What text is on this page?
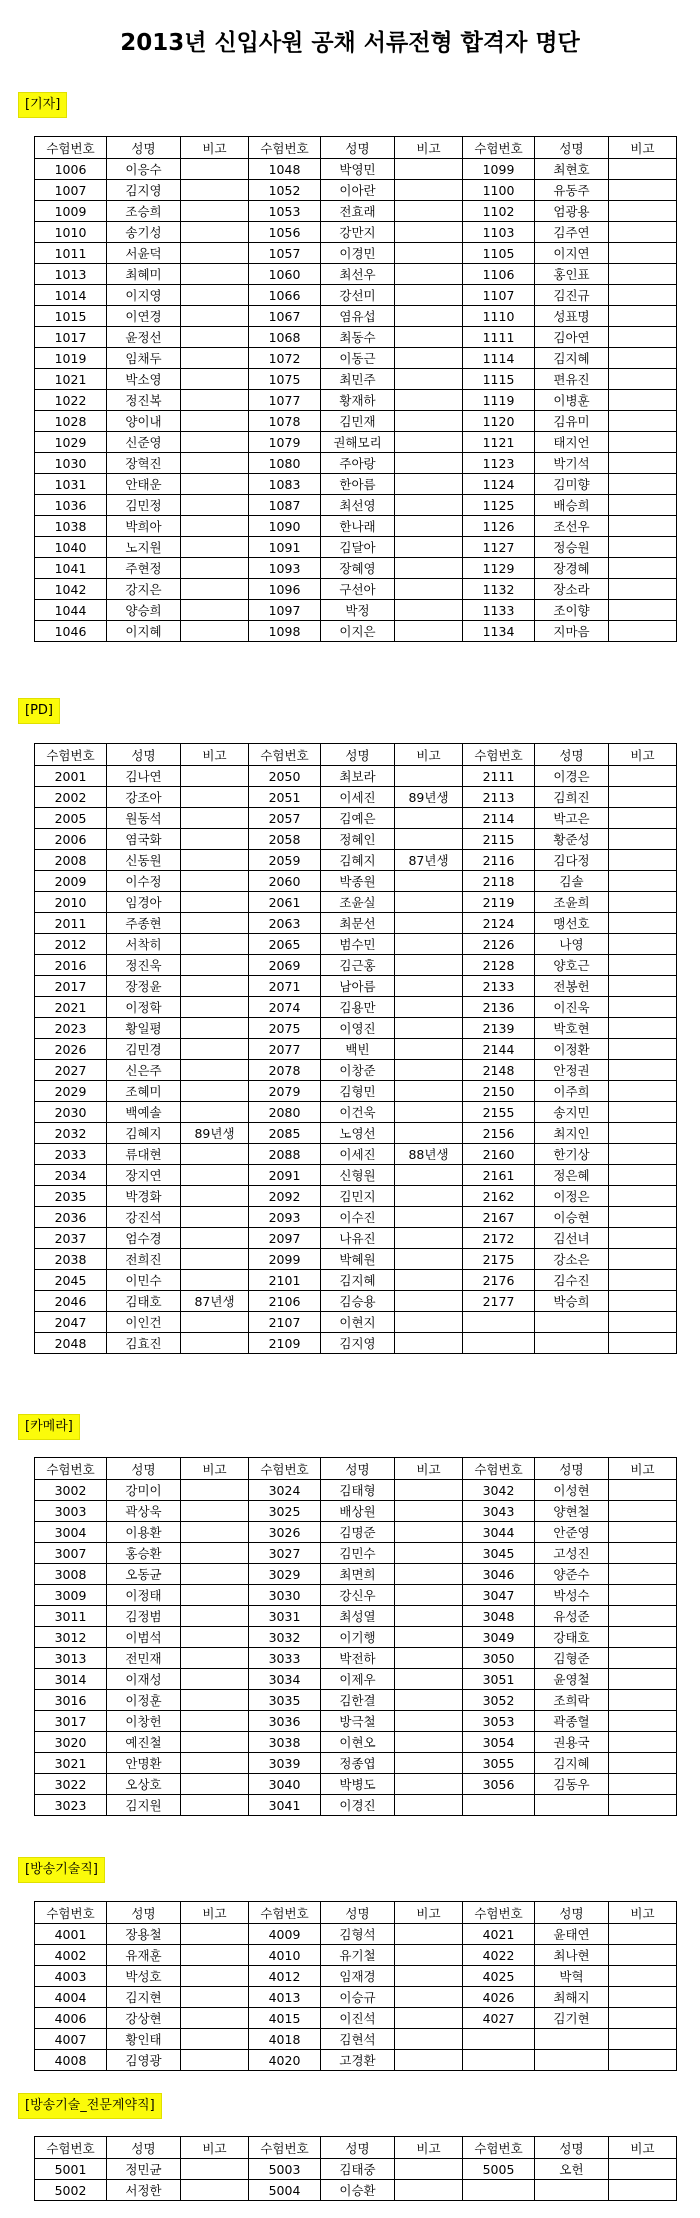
2013년 신입사원 공채 서류전형 합격자 명단
[기자]
수험번호	성명	비고	수험번호	성명	비고	수험번호	성명	비고
1006	이응수		1048	박영민		1099	최현호	
1007	김지영		1052	이아란		1100	유동주	
1009	조승희		1053	전효래		1102	엄광용	
1010	송기성		1056	강만지		1103	김주연	
1011	서윤덕		1057	이경민		1105	이지연	
1013	최혜미		1060	최선우		1106	홍인표	
1014	이지영		1066	강선미		1107	김진규	
1015	이연경		1067	염유섭		1110	성표명	
1017	윤정선		1068	최동수		1111	김아연	
1019	임채두		1072	이동근		1114	김지혜	
1021	박소영		1075	최민주		1115	편유진	
1022	정진복		1077	황재하		1119	이병훈	
1028	양이내		1078	김민재		1120	김유미	
1029	신준영		1079	권해모리		1121	태지언	
1030	장혁진		1080	주아랑		1123	박기석	
1031	안태운		1083	한아름		1124	김미향	
1036	김민정		1087	최선영		1125	배승희	
1038	박희아		1090	한나래		1126	조선우	
1040	노지원		1091	김달아		1127	정승원	
1041	주현정		1093	장혜영		1129	장경혜	
1042	강지은		1096	구선아		1132	장소라	
1044	양승희		1097	박정		1133	조이향	
1046	이지혜		1098	이지은		1134	지마음	
[PD]
수험번호	성명	비고	수험번호	성명	비고	수험번호	성명	비고
2001	김나연		2050	최보라		2111	이경은	
2002	강조아		2051	이세진	89년생	2113	김희진	
2005	원동석		2057	김예은		2114	박고은	
2006	염국화		2058	정혜인		2115	황준성	
2008	신동원		2059	김혜지	87년생	2116	김다정	
2009	이수정		2060	박종원		2118	김솔	
2010	임경아		2061	조윤실		2119	조윤희	
2011	주종현		2063	최문선		2124	맹선호	
2012	서착히		2065	범수민		2126	나영	
2016	정진욱		2069	김근홍		2128	양호근	
2017	장정윤		2071	남아름		2133	전봉헌	
2021	이정학		2074	김용만		2136	이진욱	
2023	황일평		2075	이영진		2139	박호현	
2026	김민경		2077	백빈		2144	이정환	
2027	신은주		2078	이창준		2148	안정권	
2029	조혜미		2079	김형민		2150	이주희	
2030	백예솔		2080	이건욱		2155	송지민	
2032	김혜지	89년생	2085	노영선		2156	최지인	
2033	류대현		2088	이세진	88년생	2160	한기상	
2034	장지연		2091	신형원		2161	정은혜	
2035	박경화		2092	김민지		2162	이정은	
2036	강진석		2093	이수진		2167	이승현	
2037	엄수경		2097	나유진		2172	김선녀	
2038	전희진		2099	박혜원		2175	강소은	
2045	이민수		2101	김지혜		2176	김수진	
2046	김태호	87년생	2106	김승용		2177	박승희	
2047	이인건		2107	이현지				
2048	김효진		2109	김지영				
[카메라]
수험번호	성명	비고	수험번호	성명	비고	수험번호	성명	비고
3002	강미이		3024	김태형		3042	이성현	
3003	곽상욱		3025	배상원		3043	양현철	
3004	이용환		3026	김명준		3044	안준영	
3007	홍승환		3027	김민수		3045	고성진	
3008	오동균		3029	최면희		3046	양준수	
3009	이정태		3030	강신우		3047	박성수	
3011	김정범		3031	최성열		3048	유성준	
3012	이범석		3032	이기행		3049	강태호	
3013	전민재		3033	박전하		3050	김형준	
3014	이재성		3034	이제우		3051	윤영철	
3016	이정훈		3035	김한결		3052	조희락	
3017	이창헌		3036	방극철		3053	곽종혈	
3020	예진철		3038	이현오		3054	권용국	
3021	안명환		3039	정종엽		3055	김지혜	
3022	오상호		3040	박병도		3056	김동우	
3023	김지원		3041	이경진				
[방송기술직]
수험번호	성명	비고	수험번호	성명	비고	수험번호	성명	비고
4001	장용철		4009	김형석		4021	윤태연	
4002	유재훈		4010	유기철		4022	최나현	
4003	박성호		4012	임재경		4025	박혁	
4004	김지현		4013	이승규		4026	최해지	
4006	강상현		4015	이진석		4027	김기현	
4007	황인태		4018	김현석				
4008	김영광		4020	고경환				
[방송기술_전문계약직]
수험번호	성명	비고	수험번호	성명	비고	수험번호	성명	비고
5001	정민균		5003	김태중		5005	오헌	
5002	서정한		5004	이승환				
